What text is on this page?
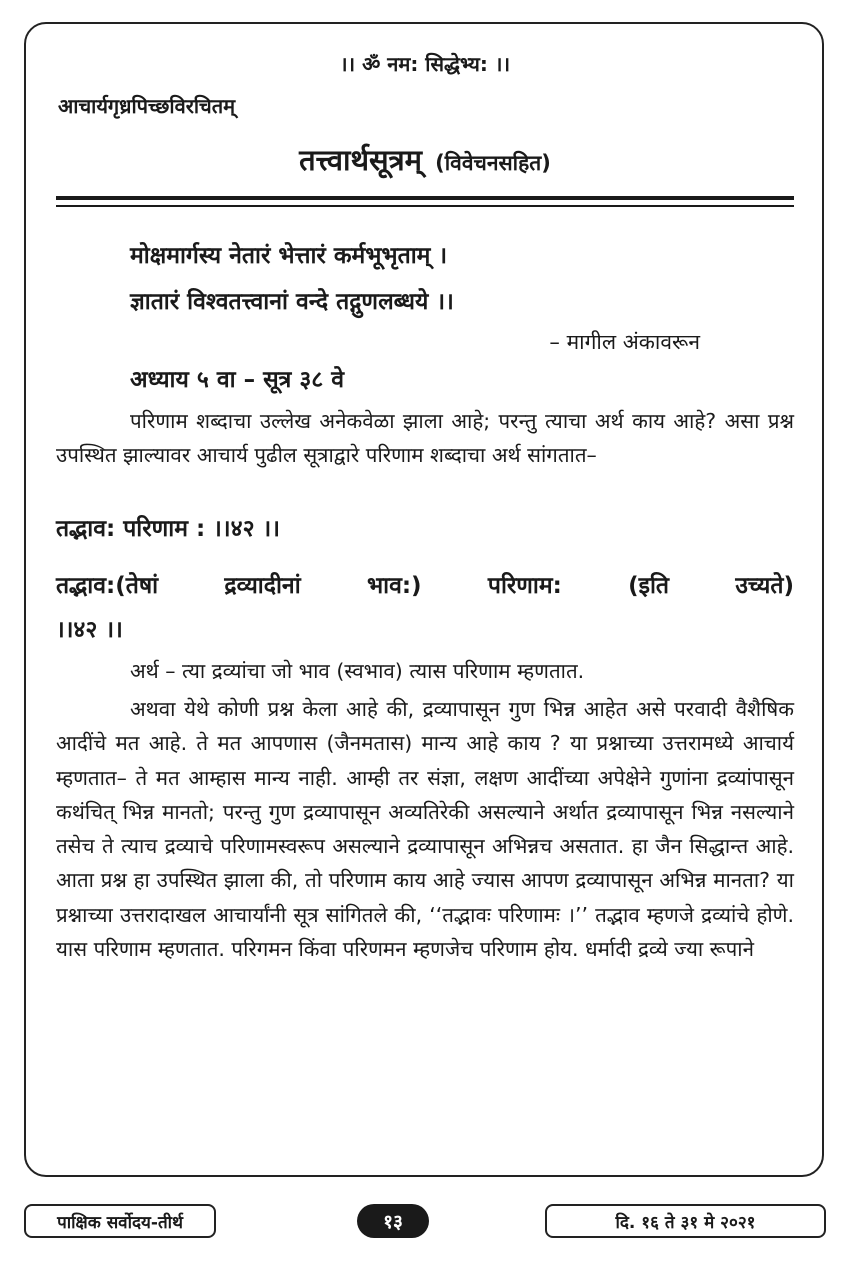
।। ॐ नम: सिद्धेभ्य: ।।
आचार्यगृध्रपिच्छविरचितम्
तत्त्वार्थसूत्रम् (विवेचनसहित)
मोक्षमार्गस्य नेतारं भेत्तारं कर्मभूभृताम् ।
ज्ञातारं विश्वतत्त्वानां वन्दे तद्गुणलब्धये ।।
– मागील अंकावरून
अध्याय ५ वा – सूत्र ३८ वे
परिणाम शब्दाचा उल्लेख अनेकवेळा झाला आहे; परन्तु त्याचा अर्थ काय आहे? असा प्रश्न उपस्थित झाल्यावर आचार्य पुढील सूत्राद्वारे परिणाम शब्दाचा अर्थ सांगतात–
तद्भाव: परिणाम : ।।४२ ।।
तद्भाव:(तेषां द्रव्यादीनां भाव:) परिणाम: (इति उच्यते)
।।४२ ।।
अर्थ – त्या द्रव्यांचा जो भाव (स्वभाव) त्यास परिणाम म्हणतात.
अथवा येथे कोणी प्रश्न केला आहे की, द्रव्यापासून गुण भिन्न आहेत असे परवादी वैशैषिक आदींचे मत आहे. ते मत आपणास (जैनमतास) मान्य आहे काय ? या प्रश्नाच्या उत्तरामध्ये आचार्य म्हणतात– ते मत आम्हास मान्य नाही. आम्ही तर संज्ञा, लक्षण आदींच्या अपेक्षेने गुणांना द्रव्यांपासून कथंचित् भिन्न मानतो; परन्तु गुण द्रव्यापासून अव्यतिरेकी असल्याने अर्थात द्रव्यापासून भिन्न नसल्याने तसेच ते त्याच द्रव्याचे परिणामस्वरूप असल्याने द्रव्यापासून अभिन्नच असतात. हा जैन सिद्धान्त आहे. आता प्रश्न हा उपस्थित झाला की, तो परिणाम काय आहे ज्यास आपण द्रव्यापासून अभिन्न मानता? या प्रश्नाच्या उत्तरादाखल आचार्यांनी सूत्र सांगितले की, ‘‘तद्भावः परिणामः ।’’ तद्भाव म्हणजे द्रव्यांचे होणे. यास परिणाम म्हणतात. परिगमन किंवा परिणमन म्हणजेच परिणाम होय. धर्मादी द्रव्ये ज्या रूपाने
पाक्षिक सर्वोदय-तीर्थ	१३	दि. १६ ते ३१ मे २०२१
